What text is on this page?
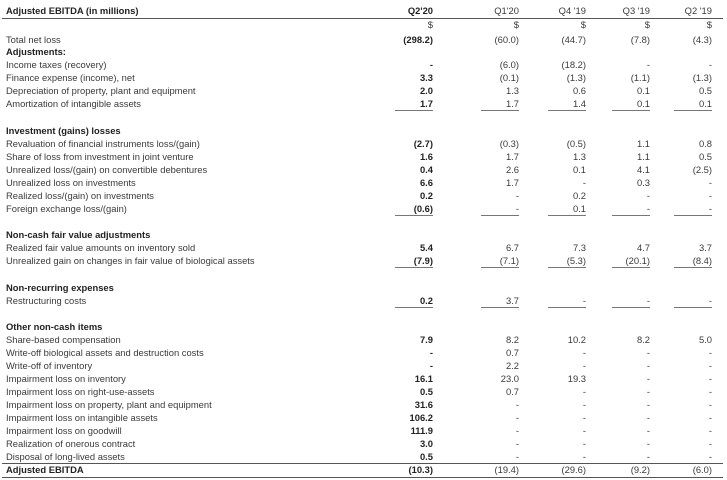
Adjusted EBITDA (in millions)	Q2'20	Q1'20	Q4 '19	Q3 '19	Q2 '19
$	$	$	$	$
Total net loss	(298.2)	(60.0)	(44.7)	(7.8)	(4.3)
Adjustments:
Income taxes (recovery)	-	(6.0)	(18.2)	-	-
Finance expense (income), net	3.3	(0.1)	(1.3)	(1.1)	(1.3)
Depreciation of property, plant and equipment	2.0	1.3	0.6	0.1	0.5
Amortization of intangible assets	1.7	1.7	1.4	0.1	0.1
Investment (gains) losses
Revaluation of financial instruments loss/(gain)	(2.7)	(0.3)	(0.5)	1.1	0.8
Share of loss from investment in joint venture	1.6	1.7	1.3	1.1	0.5
Unrealized loss/(gain) on convertible debentures	0.4	2.6	0.1	4.1	(2.5)
Unrealized loss on investments	6.6	1.7	-	0.3	-
Realized loss/(gain) on investments	0.2	-	0.2	-	-
Foreign exchange loss/(gain)	(0.6)	-	0.1	-	-
Non-cash fair value adjustments
Realized fair value amounts on inventory sold	5.4	6.7	7.3	4.7	3.7
Unrealized gain on changes in fair value of biological assets	(7.9)	(7.1)	(5.3)	(20.1)	(8.4)
Non-recurring expenses
Restructuring costs	0.2	3.7	-	-	-
Other non-cash items
Share-based compensation	7.9	8.2	10.2	8.2	5.0
Write-off biological assets and destruction costs	-	0.7	-	-	-
Write-off of inventory	-	2.2	-	-	-
Impairment loss on inventory	16.1	23.0	19.3	-	-
Impairment loss on right-use-assets	0.5	0.7	-	-	-
Impairment loss on property, plant and equipment	31.6	-	-	-	-
Impairment loss on intangible assets	106.2	-	-	-	-
Impairment loss on goodwill	111.9	-	-	-	-
Realization of onerous contract	3.0	-	-	-	-
Disposal of long-lived assets	0.5	-	-	-	-
Adjusted EBITDA	(10.3)	(19.4)	(29.6)	(9.2)	(6.0)
